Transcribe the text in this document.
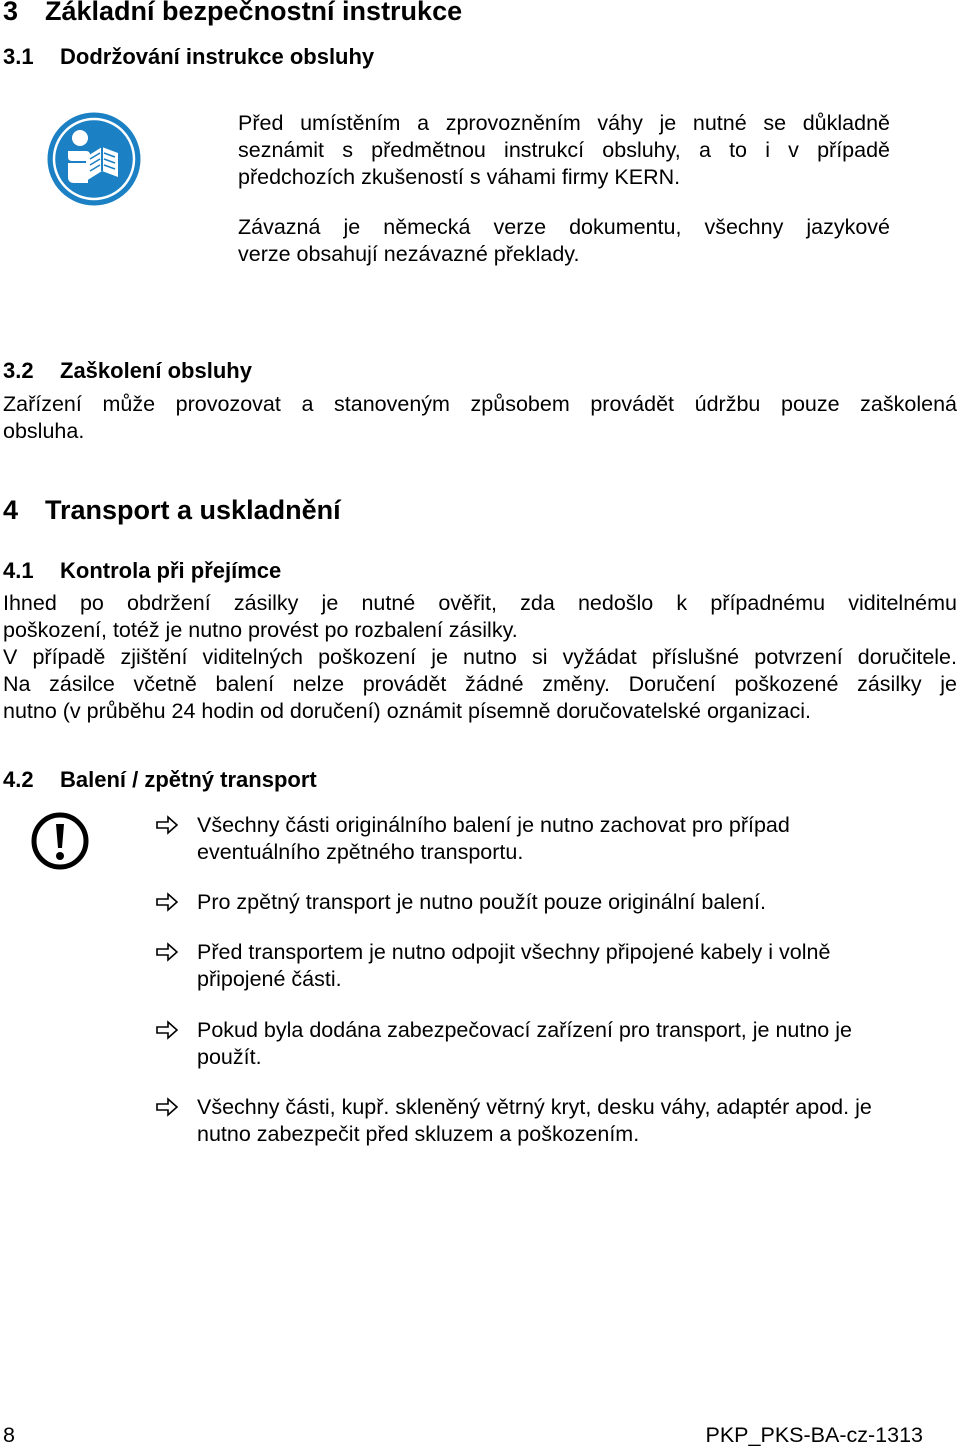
3 Základní bezpečnostní instrukce
3.1 Dodržování instrukce obsluhy
Před umístěním a zprovozněním váhy je nutné se důkladně
seznámit s předmětnou instrukcí obsluhy, a to i v případě
předchozích zkušeností s váhami firmy KERN.
Závazná je německá verze dokumentu, všechny jazykové
verze obsahují nezávazné překlady.
3.2 Zaškolení obsluhy
Zařízení může provozovat a stanoveným způsobem provádět údržbu pouze zaškolená
obsluha.
4 Transport a uskladnění
4.1 Kontrola při přejímce
Ihned po obdržení zásilky je nutné ověřit, zda nedošlo k případnému viditelnému
poškození, totéž je nutno provést po rozbalení zásilky.
V případě zjištění viditelných poškození je nutno si vyžádat příslušné potvrzení doručitele.
Na zásilce včetně balení nelze provádět žádné změny. Doručení poškozené zásilky je
nutno (v průběhu 24 hodin od doručení) oznámit písemně doručovatelské organizaci.
4.2 Balení / zpětný transport
Všechny části originálního balení je nutno zachovat pro případ
eventuálního zpětného transportu.
Pro zpětný transport je nutno použít pouze originální balení.
Před transportem je nutno odpojit všechny připojené kabely i volně
připojené části.
Pokud byla dodána zabezpečovací zařízení pro transport, je nutno je
použít.
Všechny části, kupř. skleněný větrný kryt, desku váhy, adaptér apod. je
nutno zabezpečit před skluzem a poškozením.
8	PKP_PKS-BA-cz-1313
